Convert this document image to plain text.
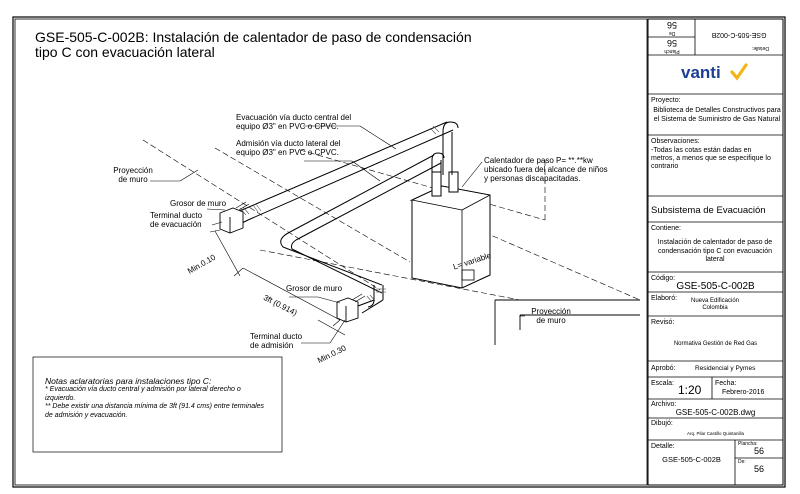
GSE-505-C-002B: Instalación de calentador de paso de condensación
tipo C con evacuación lateral
Evacuación vía ducto central del
equipo Ø3" en PVC o CPVC.
Admisión vía ducto lateral del
equipo Ø3" en PVC o CPVC.
Calentador de paso P= **.**kw
ubicado fuera del alcance de niños
y personas discapacitadas.
Proyección
de muro
Grosor de muro
Terminal ducto
de evacuación
Min.0.10	L= variable
Grosor de muro
3ft (0.914)	Proyección
de muro
Terminal ducto
de admisión	Min.0.30
Notas aclaratorias para instalaciones tipo C:
* Evacuación vía ducto central y admisión por lateral derecho o izquierdo.
** Debe existir una distancia mínima de 3ft (91.4 cms) entre terminales de admisión y evacuación.
De
56
Planch
56
GSE-505-C-002B
Detalle:
vanti
Proyecto:
Biblioteca de Detalles Constructivos para el Sistema de Suministro de Gas Natural
Observaciones:
-Todas las cotas están dadas en metros, a menos que se especifique lo contrario
Subsistema de Evacuación
Contiene:
Instalación de calentador de paso de condensación tipo C con evacuación lateral
Código:
GSE-505-C-002B
Elaboró:	Nueva Edificación Colombia
Revisó:
Normativa Gestión de Red Gas
Aprobó:	Residencial y Pymes
Escala: 1:20 Fecha:
Febrero-2016
Archivo:
GSE-505-C-002B.dwg
Dibujó:
Arq. Pilar Castillo Quintanilla
Detalle:
GSE-505-C-002B
Plancha:
56
De:
56
